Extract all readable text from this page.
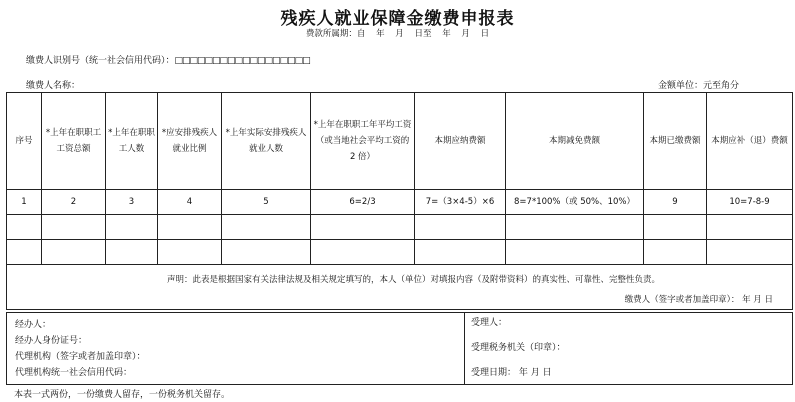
残疾人就业保障金缴费申报表
费款所属期：自 年 月 日至 年 月 日
缴费人识别号（统一社会信用代码）：□□□□□□□□□□□□□□□□□□
缴费人名称：	金额单位：元至角分
序号	*上年在职职工工资总额	*上年在职职工人数	*应安排残疾人就业比例	*上年实际安排残疾人就业人数	*上年在职职工年平均工资（或当地社会平均工资的 2 倍）	本期应纳费额	本期减免费额	本期已缴费额	本期应补（退）费额
1	2	3	4	5	6=2/3	7=（3×4-5）×6	8=7*100%（或 50%、10%）	9	10=7-8-9

声明：此表是根据国家有关法律法规及相关规定填写的，本人（单位）对填报内容（及附带资料）的真实性、可靠性、完整性负责。
缴费人（签字或者加盖印章）： 年 月 日									
经办人：
经办人身份证号：
代理机构（签字或者加盖印章）：
代理机构统一社会信用代码：

受理人：
受理税务机关（印章）：
受理日期： 年 月 日
本表一式两份，一份缴费人留存，一份税务机关留存。
